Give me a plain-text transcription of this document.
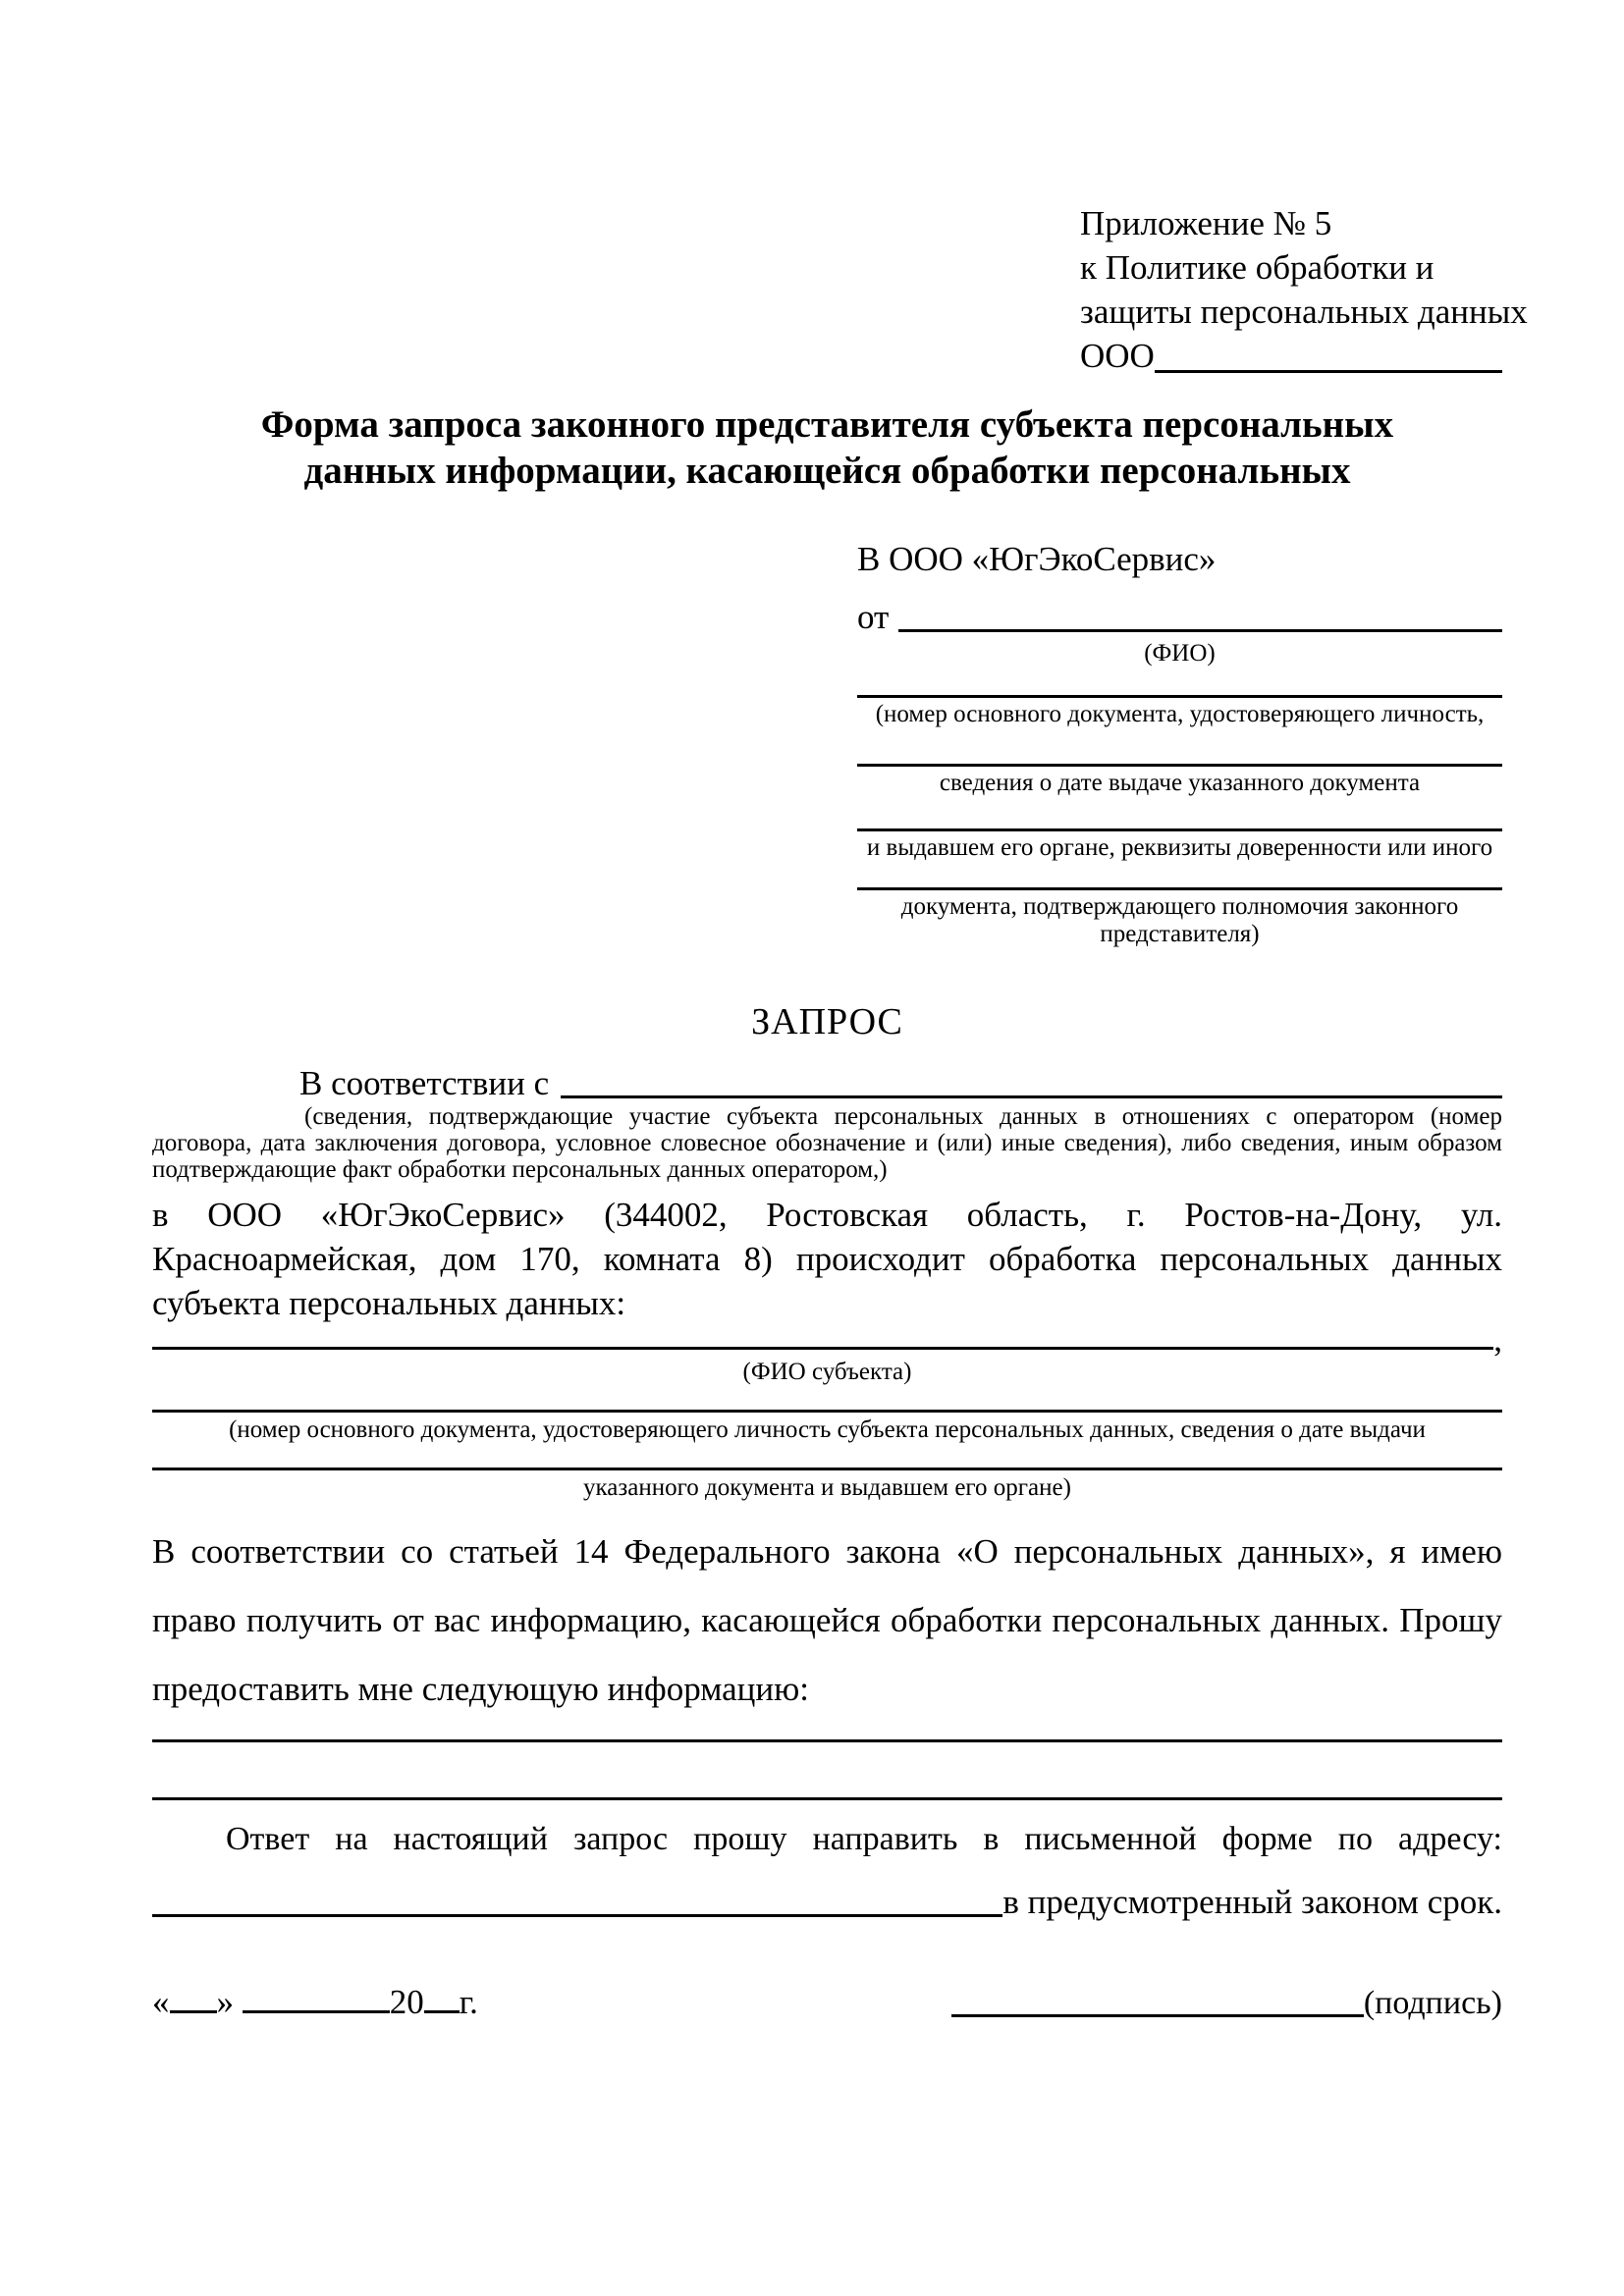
Приложение № 5
к Политике обработки и
защиты персональных данных
ООО
Форма запроса законного представителя субъекта персональных
данных информации, касающейся обработки персональных
В ООО «ЮгЭкоСервис»
от
(ФИО)
(номер основного документа, удостоверяющего личность,
сведения о дате выдаче указанного документа
и выдавшем его органе, реквизиты доверенности или иного
документа, подтверждающего полномочия законного представителя)
ЗАПРОС
В соответствии с
(сведения, подтверждающие участие субъекта персональных данных в отношениях с оператором (номер договора, дата заключения договора, условное словесное обозначение и (или) иные сведения), либо сведения, иным образом подтверждающие факт обработки персональных данных оператором,)

в ООО «ЮгЭкоСервис» (344002, Ростовская область, г. Ростов-на-Дону, ул. Красноармейская, дом 170, комната 8) происходит обработка персональных данных субъекта персональных данных:

,
(ФИО субъекта)
(номер основного документа, удостоверяющего личность субъекта персональных данных, сведения о дате выдачи
указанного документа и выдавшем его органе)

В соответствии со статьей 14 Федерального закона «О персональных данных», я имею право получить от вас информацию, касающейся обработки персональных данных. Прошу предоставить мне следующую информацию:

Ответ на настоящий запрос прошу направить в письменной форме по адресу:
в предусмотренный законом срок.
« »	20 г.	(подпись)
